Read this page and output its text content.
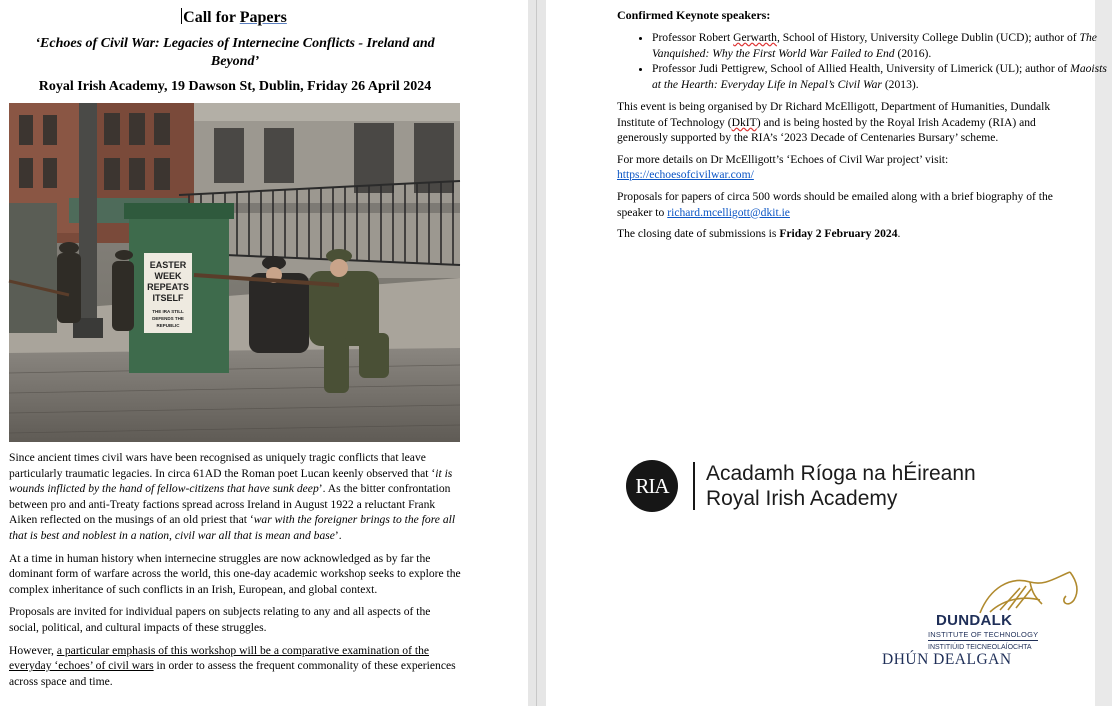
Call for Papers
‘Echoes of Civil War: Legacies of Internecine Conflicts - Ireland and Beyond’
Royal Irish Academy, 19 Dawson St, Dublin, Friday 26 April 2024
EASTER
WEEK
REPEATS
ITSELF
THE IRA STILL
DEFENDS THE
REPUBLIC

Since ancient times civil wars have been recognised as uniquely tragic conflicts that leave particularly traumatic legacies. In circa 61AD the Roman poet Lucan keenly observed that ‘it is wounds inflicted by the hand of fellow-citizens that have sunk deep’. As the bitter confrontation between pro and anti-Treaty factions spread across Ireland in August 1922 a reluctant Frank Aiken reflected on the musings of an old priest that ‘war with the foreigner brings to the fore all that is best and noblest in a nation, civil war all that is mean and base’.

At a time in human history when internecine struggles are now acknowledged as by far the dominant form of warfare across the world, this one-day academic workshop seeks to explore the complex inheritance of such conflicts in an Irish, European, and global context.

Proposals are invited for individual papers on subjects relating to any and all aspects of the social, political, and cultural impacts of these struggles.

However, a particular emphasis of this workshop will be a comparative examination of the everyday ‘echoes’ of civil wars in order to assess the frequent commonality of these experiences across space and time.

Confirmed Keynote speakers:
• Professor Robert Gerwarth, School of History, University College Dublin (UCD); author of The Vanquished: Why the First World War Failed to End (2016).
• Professor Judi Pettigrew, School of Allied Health, University of Limerick (UL); author of Maoists at the Hearth: Everyday Life in Nepal’s Civil War (2013).

This event is being organised by Dr Richard McElligott, Department of Humanities, Dundalk Institute of Technology (DkIT) and is being hosted by the Royal Irish Academy (RIA) and generously supported by the RIA’s ‘2023 Decade of Centenaries Bursary’ scheme.

For more details on Dr McElligott’s ‘Echoes of Civil War project’ visit:
https://echoesofcivilwar.com/

Proposals for papers of circa 500 words should be emailed along with a brief biography of the speaker to richard.mcelligott@dkit.ie

The closing date of submissions is Friday 2 February 2024.

RIA
Acadamh Ríoga na hÉireann
Royal Irish Academy
DUNDALK
INSTITUTE OF TECHNOLOGY
INSTITIÚID TEICNEOLAÍOCHTA
DHÚN DEALGAN
